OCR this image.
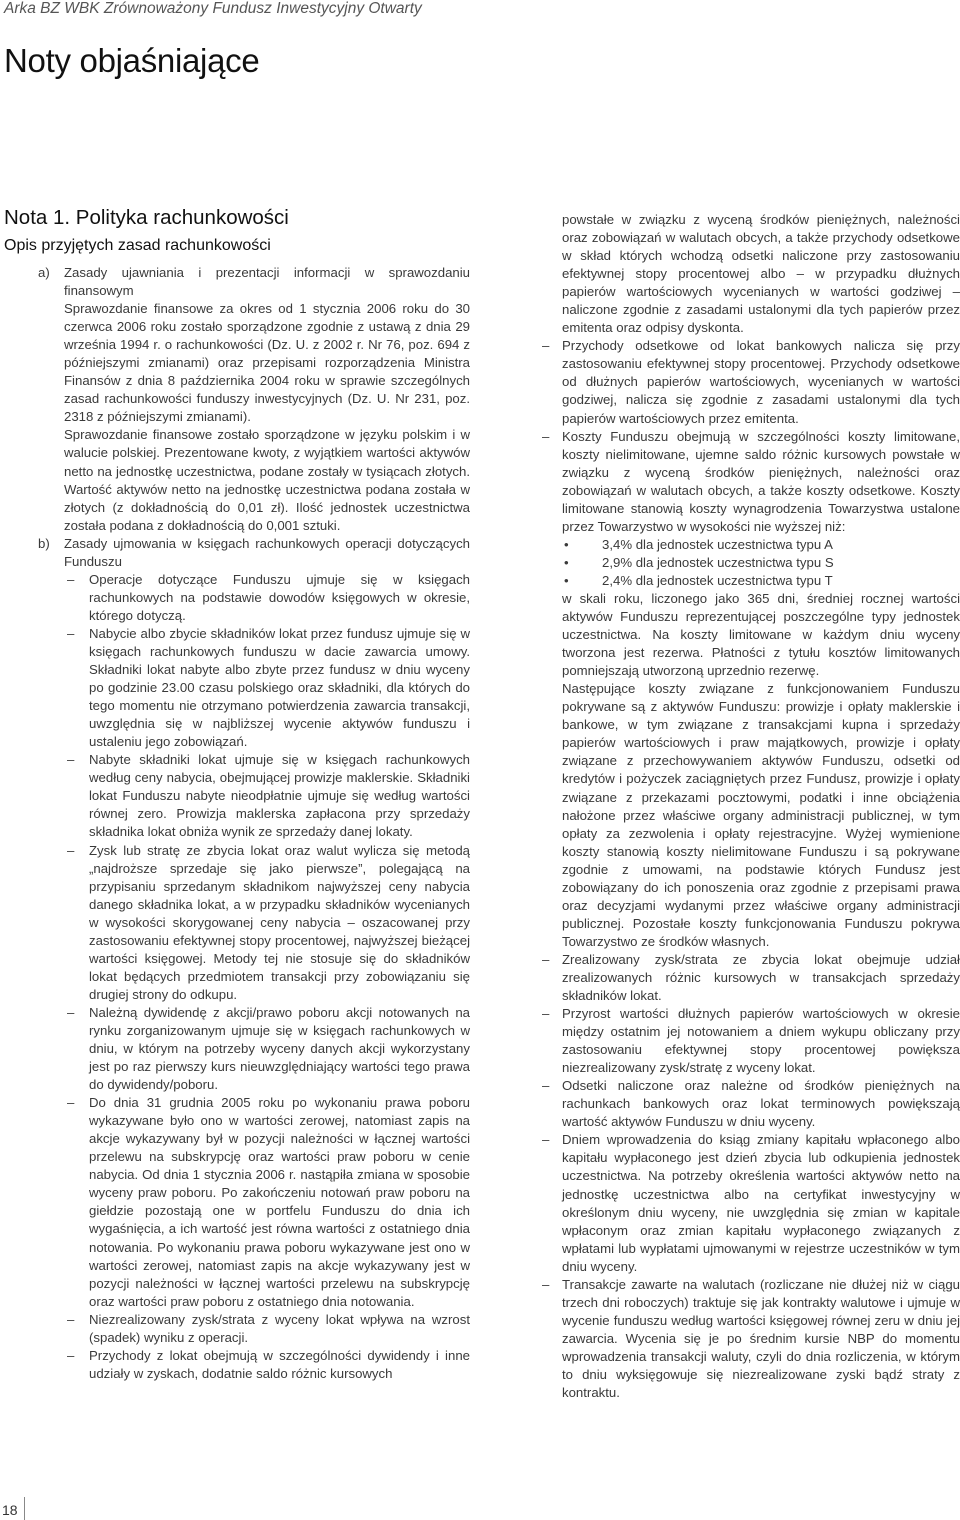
Arka BZ WBK Zrównoważony Fundusz Inwestycyjny Otwarty
Noty objaśniające
Nota 1. Polityka rachunkowości
Opis przyjętych zasad rachunkowości
a) Zasady ujawniania i prezentacji informacji w sprawozdaniu finansowym

Sprawozdanie finansowe za okres od 1 stycznia 2006 roku do 30 czerwca 2006 roku zostało sporządzone zgodnie z ustawą z dnia 29 września 1994 r. o rachunkowości (Dz. U. z 2002 r. Nr 76, poz. 694 z późniejszymi zmianami) oraz przepisami rozporządzenia Ministra Finansów z dnia 8 października 2004 roku w sprawie szczególnych zasad rachunkowości funduszy inwestycyjnych (Dz. U. Nr 231, poz. 2318 z późniejszymi zmianami).

Sprawozdanie finansowe zostało sporządzone w języku polskim i w walucie polskiej. Prezentowane kwoty, z wyjątkiem wartości aktywów netto na jednostkę uczestnictwa, podane zostały w tysiącach złotych. Wartość aktywów netto na jednostkę uczestnictwa podana została w złotych (z dokładnością do 0,01 zł). Ilość jednostek uczestnictwa została podana z dokładnością do 0,001 sztuki.

b) Zasady ujmowania w księgach rachunkowych operacji dotyczących Funduszu

– Operacje dotyczące Funduszu ujmuje się w księgach rachunkowych na podstawie dowodów księgowych w okresie, którego dotyczą.
– Nabycie albo zbycie składników lokat przez fundusz ujmuje się w księgach rachunkowych funduszu w dacie zawarcia umowy. Składniki lokat nabyte albo zbyte przez fundusz w dniu wyceny po godzinie 23.00 czasu polskiego oraz składniki, dla których do tego momentu nie otrzymano potwierdzenia zawarcia transakcji, uwzględnia się w najbliższej wycenie aktywów funduszu i ustaleniu jego zobowiązań.
– Nabyte składniki lokat ujmuje się w księgach rachunkowych według ceny nabycia, obejmującej prowizje maklerskie. Składniki lokat Funduszu nabyte nieodpłatnie ujmuje się według wartości równej zero. Prowizja maklerska zapłacona przy sprzedaży składnika lokat obniża wynik ze sprzedaży danej lokaty.
– Zysk lub stratę ze zbycia lokat oraz walut wylicza się metodą „najdroższe sprzedaje się jako pierwsze”, polegającą na przypisaniu sprzedanym składnikom najwyższej ceny nabycia danego składnika lokat, a w przypadku składników wycenianych w wysokości skorygowanej ceny nabycia – oszacowanej przy zastosowaniu efektywnej stopy procentowej, najwyższej bieżącej wartości księgowej. Metody tej nie stosuje się do składników lokat będących przedmiotem transakcji przy zobowiązaniu się drugiej strony do odkupu.
– Należną dywidendę z akcji/prawo poboru akcji notowanych na rynku zorganizowanym ujmuje się w księgach rachunkowych w dniu, w którym na potrzeby wyceny danych akcji wykorzystany jest po raz pierwszy kurs nieuwzględniający wartości tego prawa do dywidendy/poboru.
– Do dnia 31 grudnia 2005 roku po wykonaniu prawa poboru wykazywane było ono w wartości zerowej, natomiast zapis na akcje wykazywany był w pozycji należności w łącznej wartości przelewu na subskrypcję oraz wartości praw poboru w cenie nabycia. Od dnia 1 stycznia 2006 r. nastąpiła zmiana w sposobie wyceny praw poboru. Po zakończeniu notowań praw poboru na giełdzie pozostają one w portfelu Funduszu do dnia ich wygaśnięcia, a ich wartość jest równa wartości z ostatniego dnia notowania. Po wykonaniu prawa poboru wykazywane jest ono w wartości zerowej, natomiast zapis na akcje wykazywany jest w pozycji należności w łącznej wartości przelewu na subskrypcję oraz wartości praw poboru z ostatniego dnia notowania.
– Niezrealizowany zysk/strata z wyceny lokat wpływa na wzrost (spadek) wyniku z operacji.
– Przychody z lokat obejmują w szczególności dywidendy i inne udziały w zyskach, dodatnie saldo różnic kursowych

powstałe w związku z wyceną środków pieniężnych, należności oraz zobowiązań w walutach obcych, a także przychody odsetkowe w skład których wchodzą odsetki naliczone przy zastosowaniu efektywnej stopy procentowej albo – w przypadku dłużnych papierów wartościowych wycenianych w wartości godziwej – naliczone zgodnie z zasadami ustalonymi dla tych papierów przez emitenta oraz odpisy dyskonta.

– Przychody odsetkowe od lokat bankowych nalicza się przy zastosowaniu efektywnej stopy procentowej. Przychody odsetkowe od dłużnych papierów wartościowych, wycenianych w wartości godziwej, nalicza się zgodnie z zasadami ustalonymi dla tych papierów wartościowych przez emitenta.
– Koszty Funduszu obejmują w szczególności koszty limitowane, koszty nielimitowane, ujemne saldo różnic kursowych powstałe w związku z wyceną środków pieniężnych, należności oraz zobowiązań w walutach obcych, a także koszty odsetkowe. Koszty limitowane stanowią koszty wynagrodzenia Towarzystwa ustalone przez Towarzystwo w wysokości nie wyższej niż:

•	3,4% dla jednostek uczestnictwa typu A
•	2,9% dla jednostek uczestnictwa typu S
•	2,4% dla jednostek uczestnictwa typu T

w skali roku, liczonego jako 365 dni, średniej rocznej wartości aktywów Funduszu reprezentującej poszczególne typy jednostek uczestnictwa. Na koszty limitowane w każdym dniu wyceny tworzona jest rezerwa. Płatności z tytułu kosztów limitowanych pomniejszają utworzoną uprzednio rezerwę.

Następujące koszty związane z funkcjonowaniem Funduszu pokrywane są z aktywów Funduszu: prowizje i opłaty maklerskie i bankowe, w tym związane z transakcjami kupna i sprzedaży papierów wartościowych i praw majątkowych, prowizje i opłaty związane z przechowywaniem aktywów Funduszu, odsetki od kredytów i pożyczek zaciągniętych przez Fundusz, prowizje i opłaty związane z przekazami pocztowymi, podatki i inne obciążenia nałożone przez właściwe organy administracji publicznej, w tym opłaty za zezwolenia i opłaty rejestracyjne. Wyżej wymienione koszty stanowią koszty nielimitowane Funduszu i są pokrywane zgodnie z umowami, na podstawie których Fundusz jest zobowiązany do ich ponoszenia oraz zgodnie z przepisami prawa oraz decyzjami wydanymi przez właściwe organy administracji publicznej. Pozostałe koszty funkcjonowania Funduszu pokrywa Towarzystwo ze środków własnych.

– Zrealizowany zysk/strata ze zbycia lokat obejmuje udział zrealizowanych różnic kursowych w transakcjach sprzedaży składników lokat.
– Przyrost wartości dłużnych papierów wartościowych w okresie między ostatnim jej notowaniem a dniem wykupu obliczany przy zastosowaniu efektywnej stopy procentowej powiększa niezrealizowany zysk/stratę z wyceny lokat.
– Odsetki naliczone oraz należne od środków pieniężnych na rachunkach bankowych oraz lokat terminowych powiększają wartość aktywów Funduszu w dniu wyceny.
– Dniem wprowadzenia do ksiąg zmiany kapitału wpłaconego albo kapitału wypłaconego jest dzień zbycia lub odkupienia jednostek uczestnictwa. Na potrzeby określenia wartości aktywów netto na jednostkę uczestnictwa albo na certyfikat inwestycyjny w określonym dniu wyceny, nie uwzględnia się zmian w kapitale wpłaconym oraz zmian kapitału wypłaconego związanych z wpłatami lub wypłatami ujmowanymi w rejestrze uczestników w tym dniu wyceny.
– Transakcje zawarte na walutach (rozliczane nie dłużej niż w ciągu trzech dni roboczych) traktuje się jak kontrakty walutowe i ujmuje w wycenie funduszu według wartości księgowej równej zeru w dniu jej zawarcia. Wycenia się je po średnim kursie NBP do momentu wprowadzenia transakcji waluty, czyli do dnia rozliczenia, w którym to dniu wyksięgowuje się niezrealizowane zyski bądź straty z kontraktu.
18
